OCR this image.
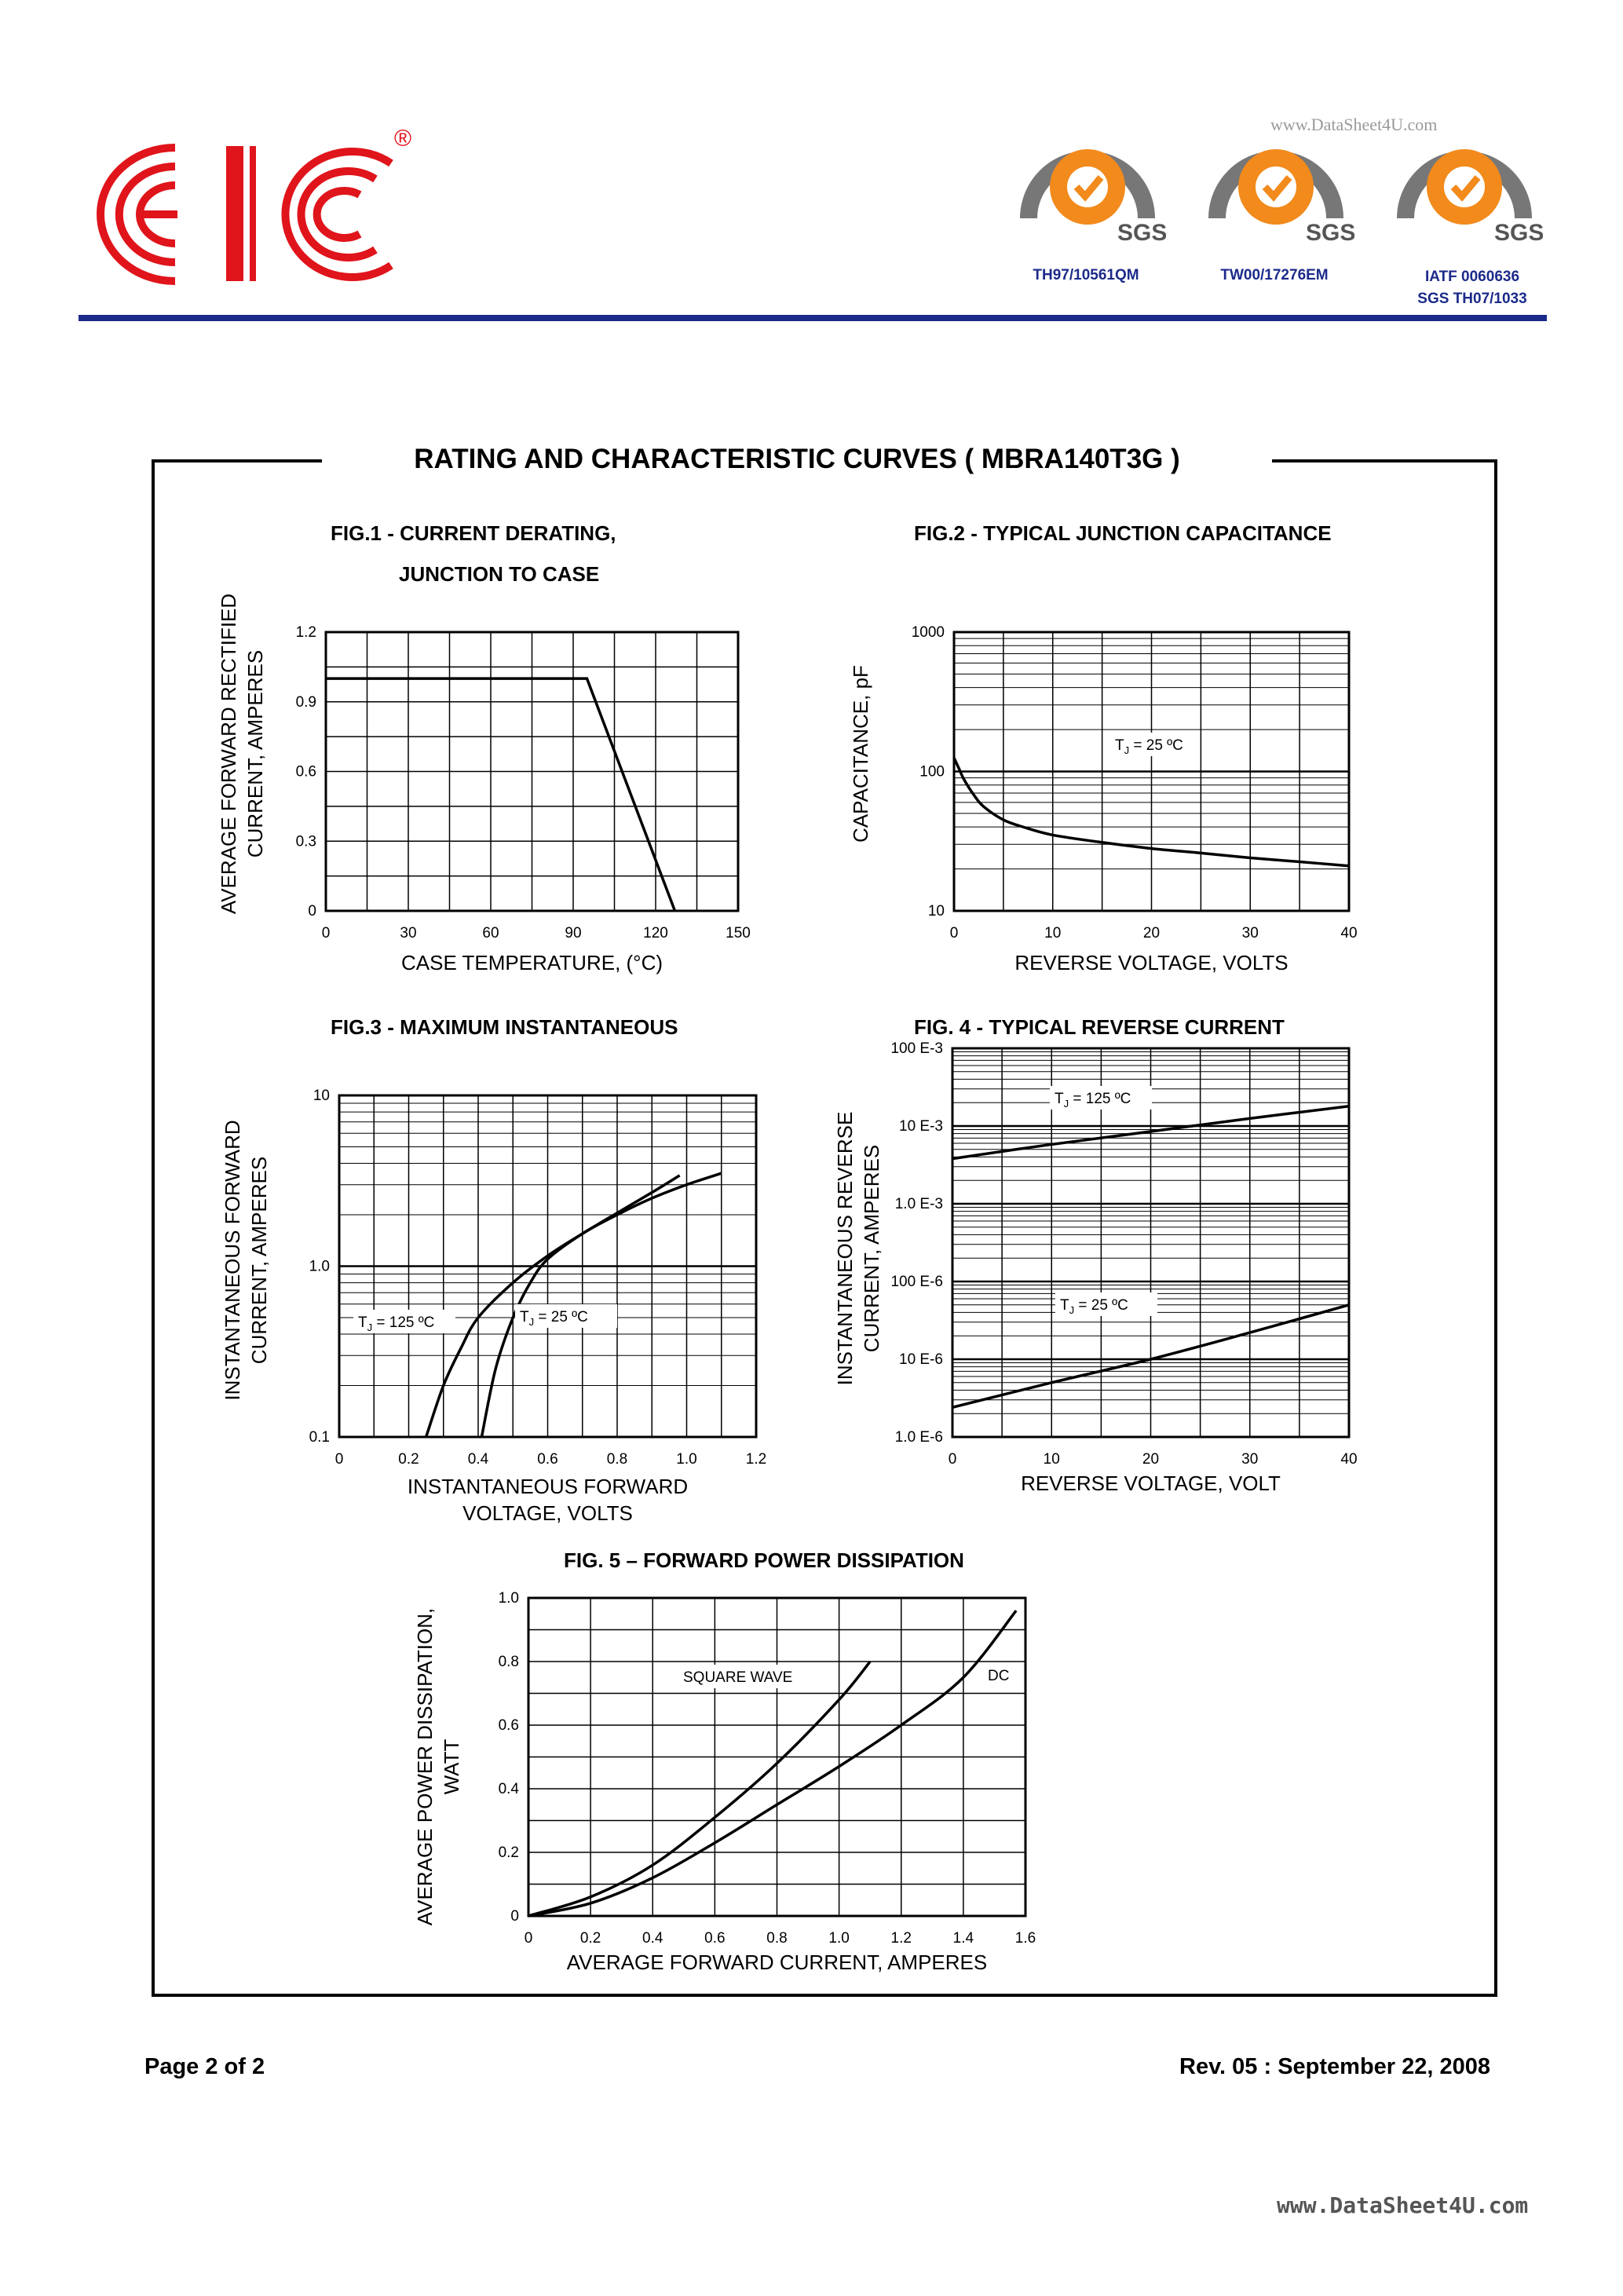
®
www.DataSheet4U.com
SGS	SGS	SGS
TH97/10561QM	TW00/17276EM	IATF 0060636
SGS TH07/1033
RATING AND CHARACTERISTIC CURVES ( MBRA140T3G )
FIG.1 - CURRENT DERATING,
JUNCTION TO CASE
FIG.2 - TYPICAL JUNCTION CAPACITANCE
FIG.3 - MAXIMUM INSTANTANEOUS	FIG. 4 - TYPICAL REVERSE CURRENT
FIG. 5 – FORWARD POWER DISSIPATION
0	30	60	90	120	150
0
0.3
0.6
0.9
1.2
CASE TEMPERATURE, (°C)
AVERAGE FORWARD RECTIFIED CURRENT, AMPERES
0	10	20	30	40
10
100
1000
REVERSE VOLTAGE, VOLTS
CAPACITANCE, pF	$T_J = 25$ ºC
0	0.2	0.4	0.6	0.8	1.0	1.2
0.1
1.0
10
INSTANTANEOUS FORWARD
VOLTAGE, VOLTS
INSTANTANEOUS FORWARD CURRENT, AMPERES	$T_J = 125$ ºC	$T_J = 25$ ºC
0	10	20	30	40
1.0 E-6
10 E-6
100 E-6
1.0 E-3
10 E-3
100 E-3
REVERSE VOLTAGE, VOLT
INSTANTANEOUS REVERSE CURRENT, AMPERES
$T_J = 125$ ºC
$T_J = 25$ ºC
0	0.2	0.4	0.6	0.8	1.0	1.2	1.4	1.6
0
0.2
0.4
0.6
0.8
1.0
AVERAGE FORWARD CURRENT, AMPERES
AVERAGE POWER DISSIPATION, WATT
SQUARE WAVE	DC
Page 2 of 2	Rev. 05 : September 22, 2008
www.DataSheet4U.com
